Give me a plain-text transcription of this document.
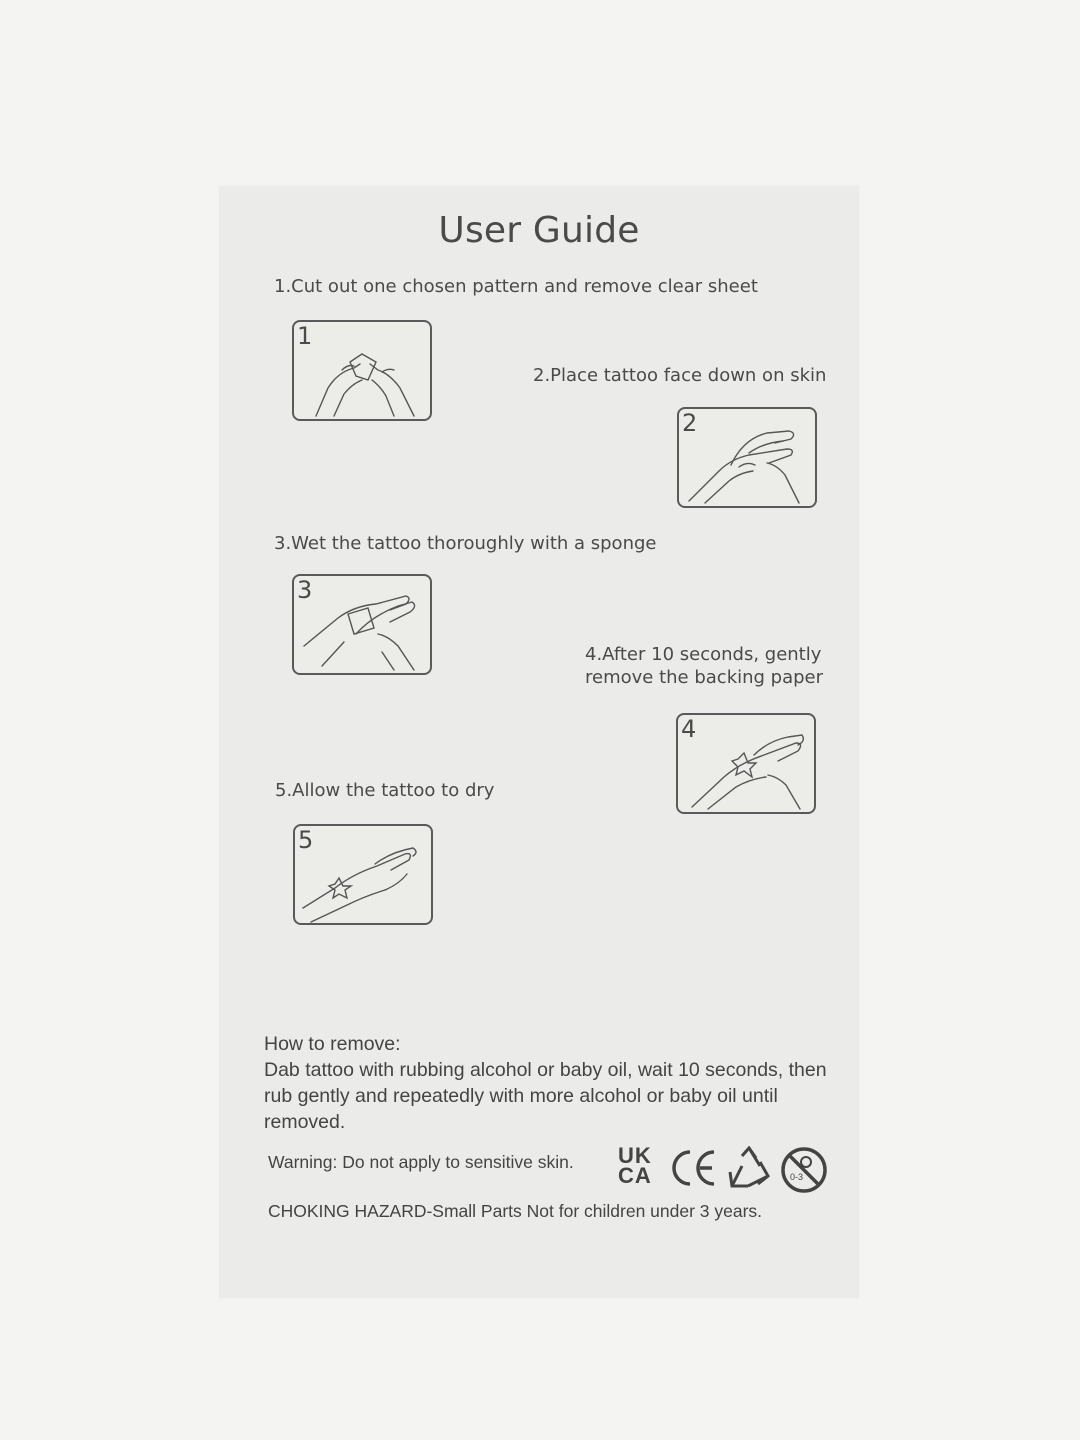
User Guide
1.Cut out one chosen pattern and remove clear sheet
1
2.Place tattoo face down on skin
2
3.Wet the tattoo thoroughly with a sponge
3
4.After 10 seconds, gently
remove the backing paper
4
5.Allow the tattoo to dry
5
How to remove:
Dab tattoo with rubbing alcohol or baby oil, wait 10 seconds, then rub gently and repeatedly with more alcohol or baby oil until removed.
Warning: Do not apply to sensitive skin. UK
CA	0-3
CHOKING HAZARD-Small Parts Not for children under 3 years.
